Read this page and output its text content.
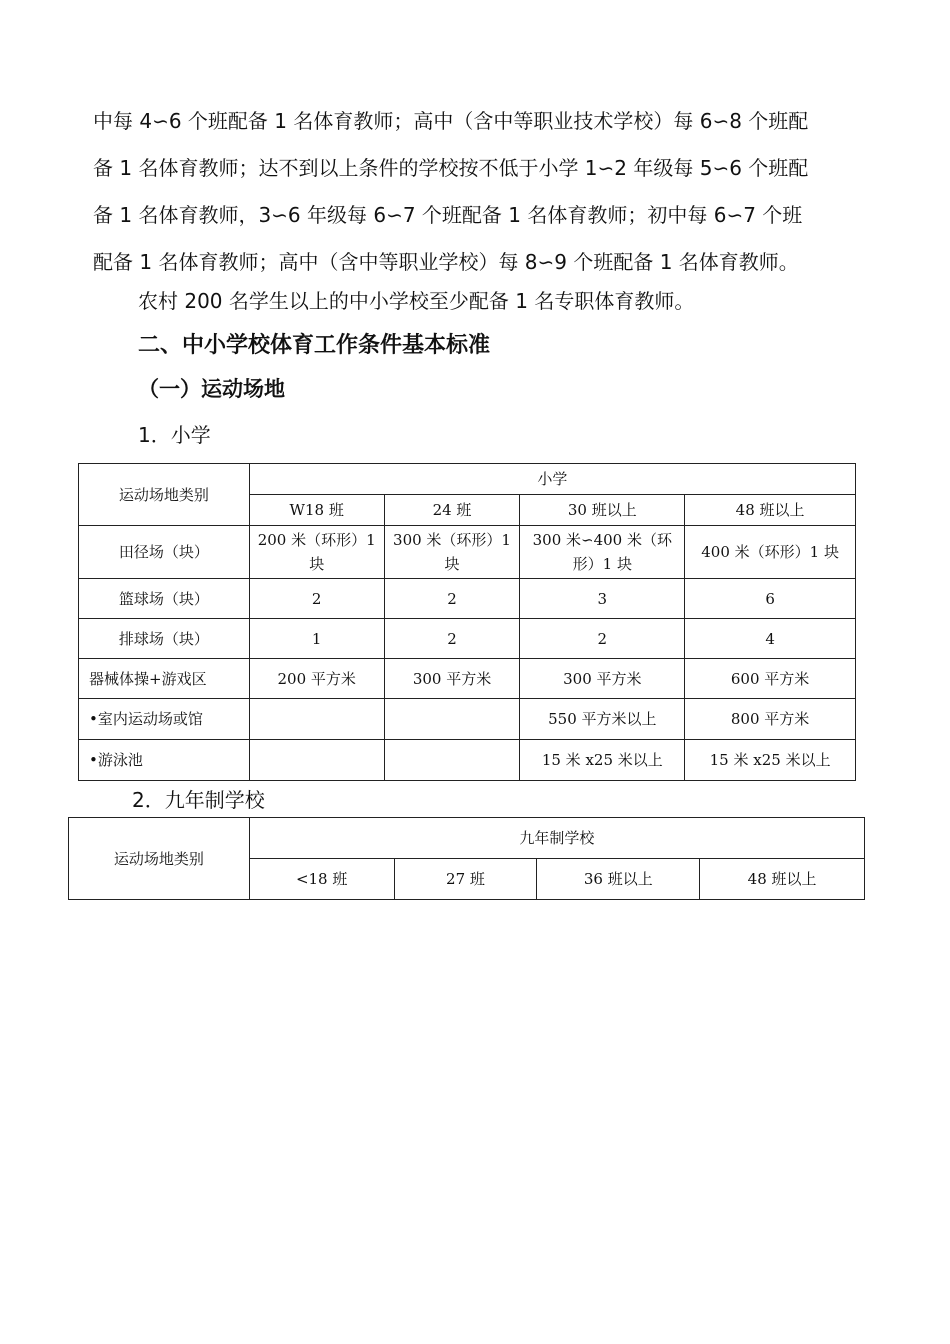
中每 4∽6 个班配备 1 名体育教师；高中（含中等职业技术学校）每 6∽8 个班配
备 1 名体育教师；达不到以上条件的学校按不低于小学 1∽2 年级每 5∽6 个班配
备 1 名体育教师，3∽6 年级每 6∽7 个班配备 1 名体育教师；初中每 6∽7 个班
配备 1 名体育教师；高中（含中等职业学校）每 8∽9 个班配备 1 名体育教师。
农村 200 名学生以上的中小学校至少配备 1 名专职体育教师。
二、中小学校体育工作条件基本标准
（一）运动场地
1．小学
运动场地类别	小学			
	W18 班	24 班	30 班以上	48 班以上
田径场（块）	200 米（环形）1 块	300 米（环形）1 块	300 米∽400 米（环形）1 块	400 米（环形）1 块
篮球场（块）	2	2	3	6
排球场（块）	1	2	2	4
器械体操+游戏区	200 平方米	300 平方米	300 平方米	600 平方米
•室内运动场或馆			550 平方米以上	800 平方米
•游泳池			15 米 x25 米以上	15 米 x25 米以上
2．九年制学校
运动场地类别	九年制学校			
	<18 班	27 班	36 班以上	48 班以上
